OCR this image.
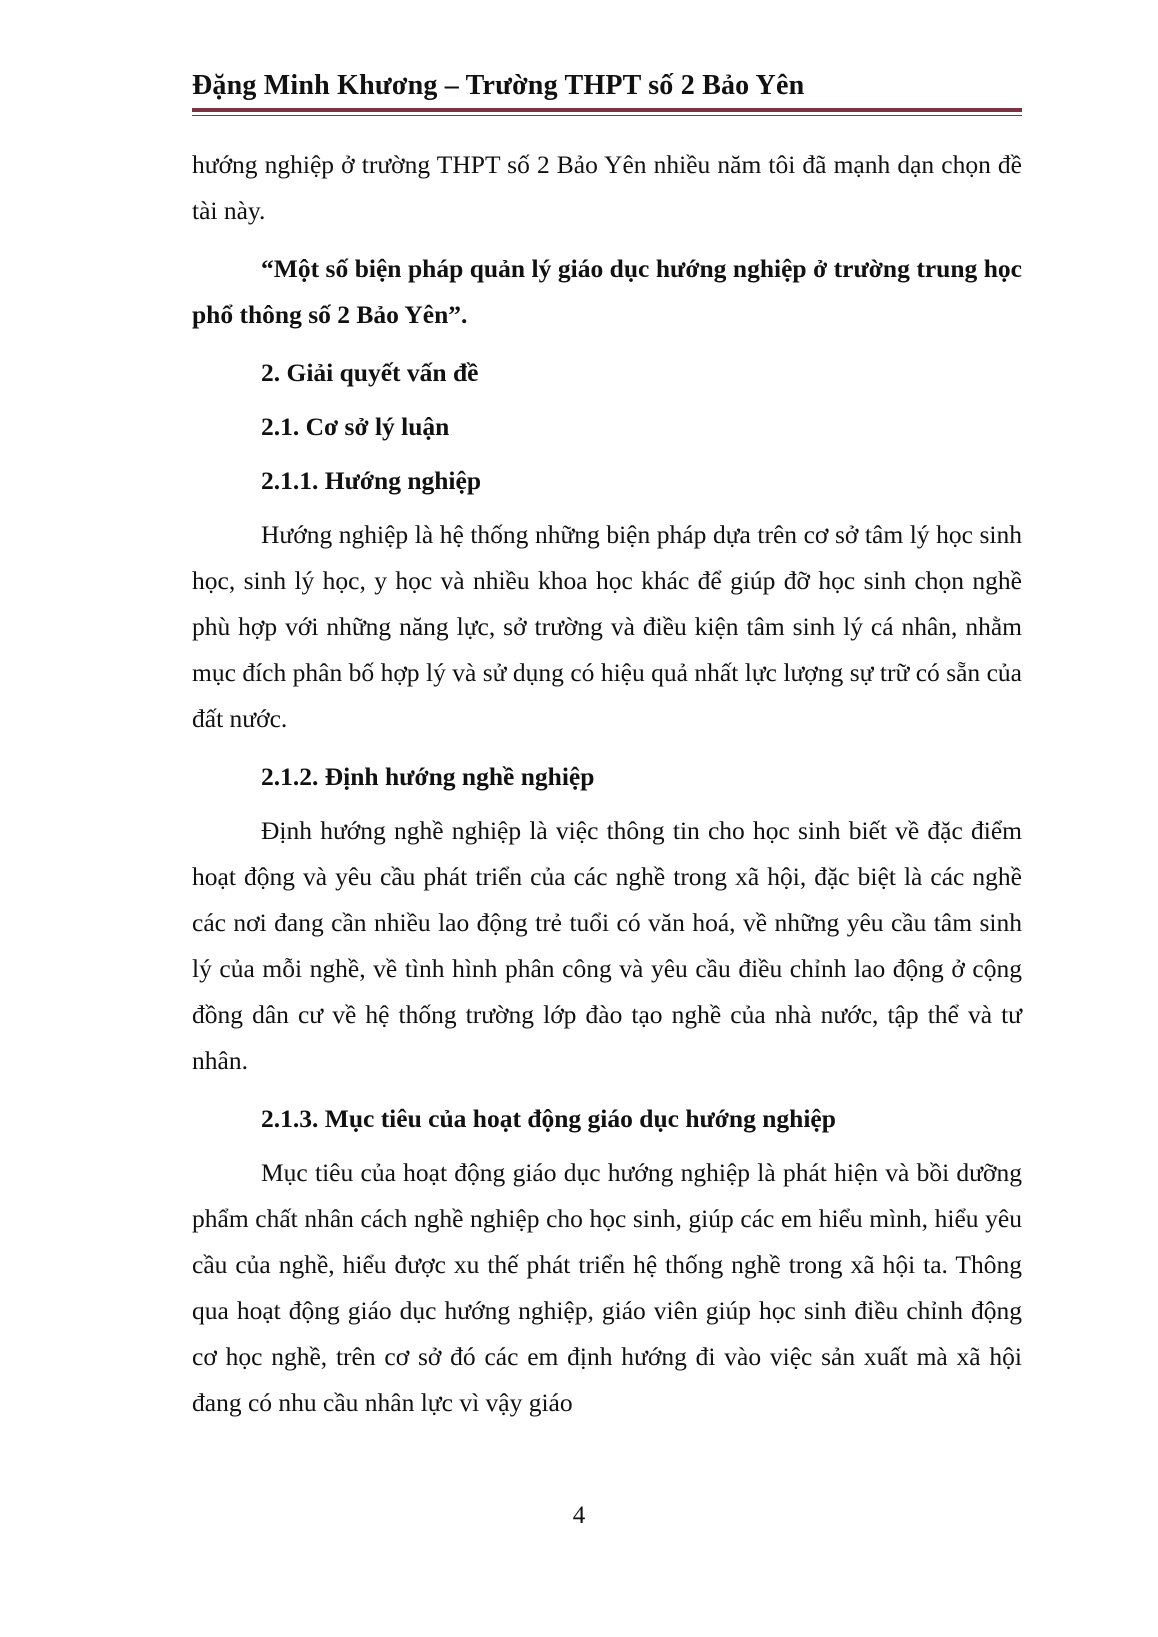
Đặng Minh Khương – Trường THPT số 2 Bảo Yên

hướng nghiệp ở trường THPT số 2 Bảo Yên nhiều năm tôi đã mạnh dạn chọn đề tài này.

“Một số biện pháp quản lý giáo dục hướng nghiệp ở trường trung học phổ thông số 2 Bảo Yên”.

2. Giải quyết vấn đề
2.1. Cơ sở lý luận
2.1.1. Hướng nghiệp

Hướng nghiệp là hệ thống những biện pháp dựa trên cơ sở tâm lý học sinh học, sinh lý học, y học và nhiều khoa học khác để giúp đỡ học sinh chọn nghề phù hợp với những năng lực, sở trường và điều kiện tâm sinh lý cá nhân, nhằm mục đích phân bố hợp lý và sử dụng có hiệu quả nhất lực lượng sự trữ có sẵn của đất nước.

2.1.2. Định hướng nghề nghiệp

Định hướng nghề nghiệp là việc thông tin cho học sinh biết về đặc điểm hoạt động và yêu cầu phát triển của các nghề trong xã hội, đặc biệt là các nghề các nơi đang cần nhiều lao động trẻ tuổi có văn hoá, về những yêu cầu tâm sinh lý của mỗi nghề, về tình hình phân công và yêu cầu điều chỉnh lao động ở cộng đồng dân cư về hệ thống trường lớp đào tạo nghề của nhà nước, tập thể và tư nhân.

2.1.3. Mục tiêu của hoạt động giáo dục hướng nghiệp

Mục tiêu của hoạt động giáo dục hướng nghiệp là phát hiện và bồi dưỡng phẩm chất nhân cách nghề nghiệp cho học sinh, giúp các em hiểu mình, hiểu yêu cầu của nghề, hiểu được xu thế phát triển hệ thống nghề trong xã hội ta. Thông qua hoạt động giáo dục hướng nghiệp, giáo viên giúp học sinh điều chỉnh động cơ học nghề, trên cơ sở đó các em định hướng đi vào việc sản xuất mà xã hội đang có nhu cầu nhân lực vì vậy giáo

4
